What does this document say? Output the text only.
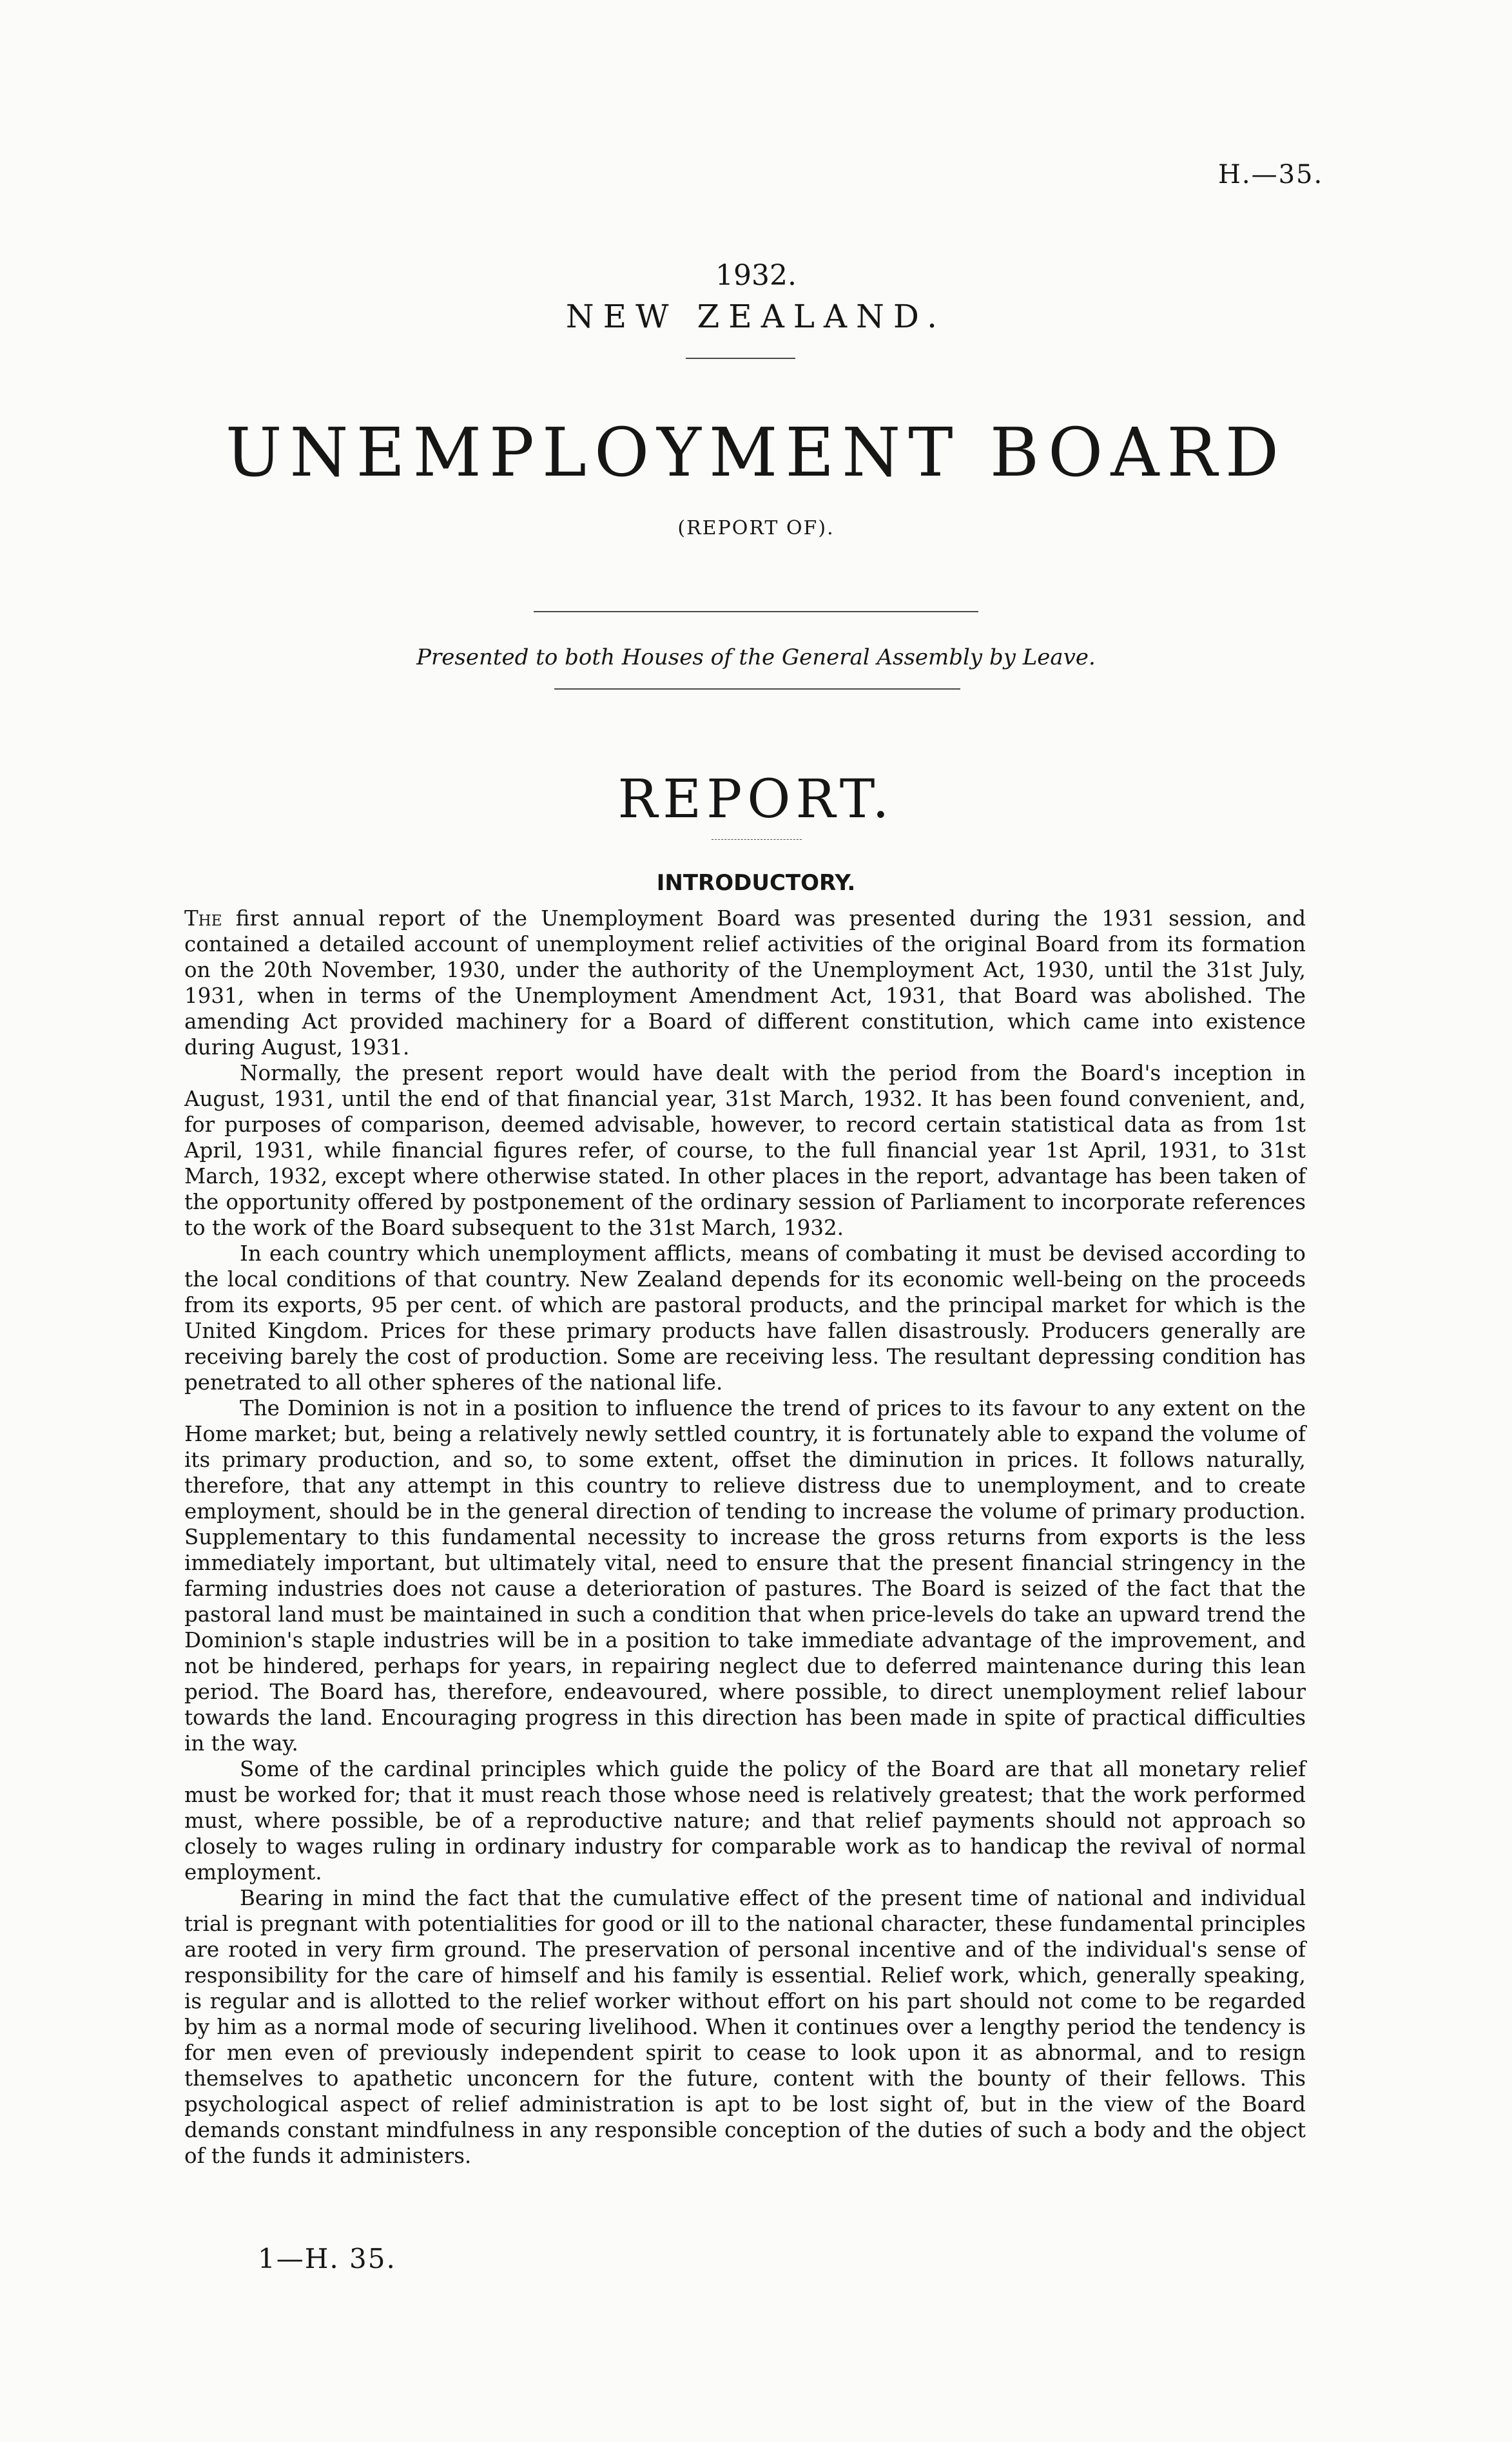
H.—35.
1932.
NEW ZEALAND.
UNEMPLOYMENT BOARD
(REPORT OF).
Presented to both Houses of the General Assembly by Leave.
REPORT.
INTRODUCTORY.

The first annual report of the Unemployment Board was presented during the 1931 session, and contained a detailed account of unemployment relief activities of the original Board from its formation on the 20th November, 1930, under the authority of the Unemployment Act, 1930, until the 31st July, 1931, when in terms of the Unemployment Amendment Act, 1931, that Board was abolished. The amending Act provided machinery for a Board of different constitution, which came into existence during August, 1931.

Normally, the present report would have dealt with the period from the Board's inception in August, 1931, until the end of that financial year, 31st March, 1932. It has been found convenient, and, for purposes of comparison, deemed advisable, however, to record certain statistical data as from 1st April, 1931, while financial figures refer, of course, to the full financial year 1st April, 1931, to 31st March, 1932, except where otherwise stated. In other places in the report, advantage has been taken of the opportunity offered by postponement of the ordinary session of Parliament to incorporate references to the work of the Board subsequent to the 31st March, 1932.

In each country which unemployment afflicts, means of combating it must be devised according to the local conditions of that country. New Zealand depends for its economic well-being on the proceeds from its exports, 95 per cent. of which are pastoral products, and the principal market for which is the United Kingdom. Prices for these primary products have fallen disastrously. Producers generally are receiving barely the cost of production. Some are receiving less. The resultant depressing condition has penetrated to all other spheres of the national life.

The Dominion is not in a position to influence the trend of prices to its favour to any extent on the Home market; but, being a relatively newly settled country, it is fortunately able to expand the volume of its primary production, and so, to some extent, offset the diminution in prices. It follows naturally, therefore, that any attempt in this country to relieve distress due to unemployment, and to create employment, should be in the general direction of tending to increase the volume of primary production. Supplementary to this fundamental necessity to increase the gross returns from exports is the less immediately important, but ultimately vital, need to ensure that the present financial stringency in the farming industries does not cause a deterioration of pastures. The Board is seized of the fact that the pastoral land must be maintained in such a condition that when price-levels do take an upward trend the Dominion's staple industries will be in a position to take immediate advantage of the improvement, and not be hindered, perhaps for years, in repairing neglect due to deferred maintenance during this lean period. The Board has, therefore, endeavoured, where possible, to direct unemployment relief labour towards the land. Encouraging progress in this direction has been made in spite of practical difficulties in the way.

Some of the cardinal principles which guide the policy of the Board are that all monetary relief must be worked for; that it must reach those whose need is relatively greatest; that the work performed must, where possible, be of a reproductive nature; and that relief payments should not approach so closely to wages ruling in ordinary industry for comparable work as to handicap the revival of normal employment.

Bearing in mind the fact that the cumulative effect of the present time of national and individual trial is pregnant with potentialities for good or ill to the national character, these fundamental principles are rooted in very firm ground. The preservation of personal incentive and of the individual's sense of responsibility for the care of himself and his family is essential. Relief work, which, generally speaking, is regular and is allotted to the relief worker without effort on his part should not come to be regarded by him as a normal mode of securing livelihood. When it continues over a lengthy period the tendency is for men even of previously independent spirit to cease to look upon it as abnormal, and to resign themselves to apathetic unconcern for the future, content with the bounty of their fellows. This psychological aspect of relief administration is apt to be lost sight of, but in the view of the Board demands constant mindfulness in any responsible conception of the duties of such a body and the object of the funds it administers.

1—H. 35.
